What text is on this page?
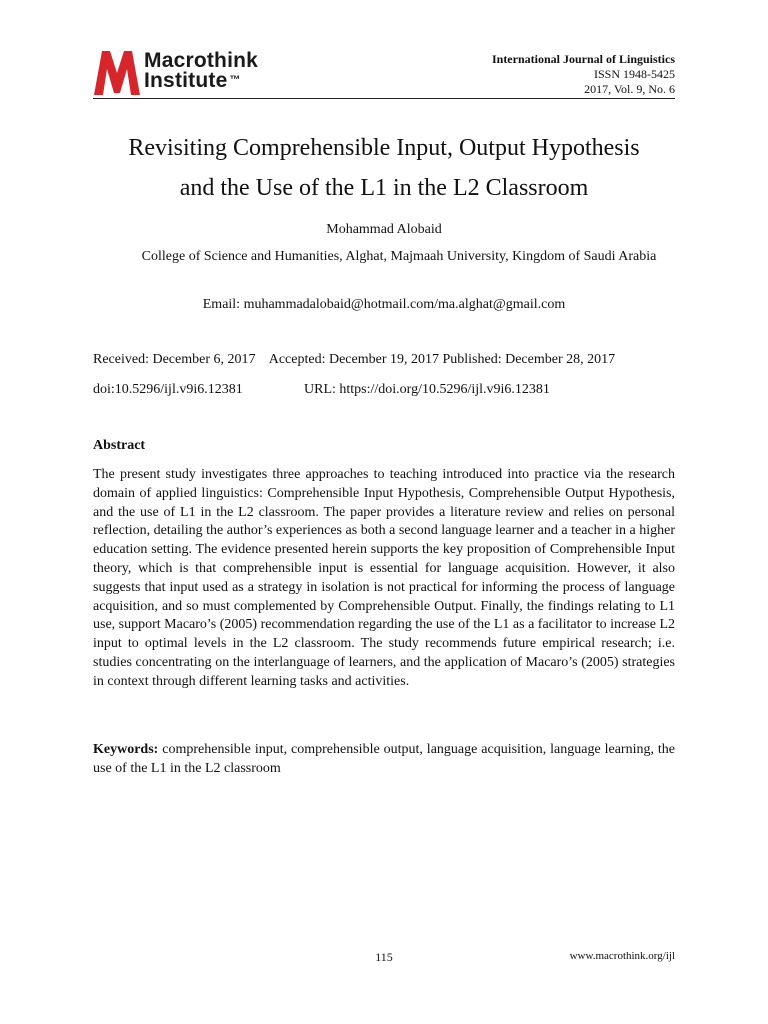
Macrothink
Institute ™
International Journal of Linguistics
ISSN 1948-5425
2017, Vol. 9, No. 6
Revisiting Comprehensible Input, Output Hypothesis
and the Use of the L1 in the L2 Classroom
Mohammad Alobaid
College of Science and Humanities, Alghat, Majmaah University, Kingdom of Saudi Arabia
Email: muhammadalobaid@hotmail.com/ma.alghat@gmail.com
Received: December 6, 2017    Accepted: December 19, 2017 Published: December 28, 2017
doi:10.5296/ijl.v9i6.12381	URL: https://doi.org/10.5296/ijl.v9i6.12381
Abstract
The present study investigates three approaches to teaching introduced into practice via the research domain of applied linguistics: Comprehensible Input Hypothesis, Comprehensible Output Hypothesis, and the use of L1 in the L2 classroom. The paper provides a literature review and relies on personal reflection, detailing the author’s experiences as both a second language learner and a teacher in a higher education setting. The evidence presented herein supports the key proposition of Comprehensible Input theory, which is that comprehensible input is essential for language acquisition. However, it also suggests that input used as a strategy in isolation is not practical for informing the process of language acquisition, and so must complemented by Comprehensible Output. Finally, the findings relating to L1 use, support Macaro’s (2005) recommendation regarding the use of the L1 as a facilitator to increase L2 input to optimal levels in the L2 classroom. The study recommends future empirical research; i.e. studies concentrating on the interlanguage of learners, and the application of Macaro’s (2005) strategies in context through different learning tasks and activities.
Keywords: comprehensible input, comprehensible output, language acquisition, language learning, the use of the L1 in the L2 classroom
115	www.macrothink.org/ijl
